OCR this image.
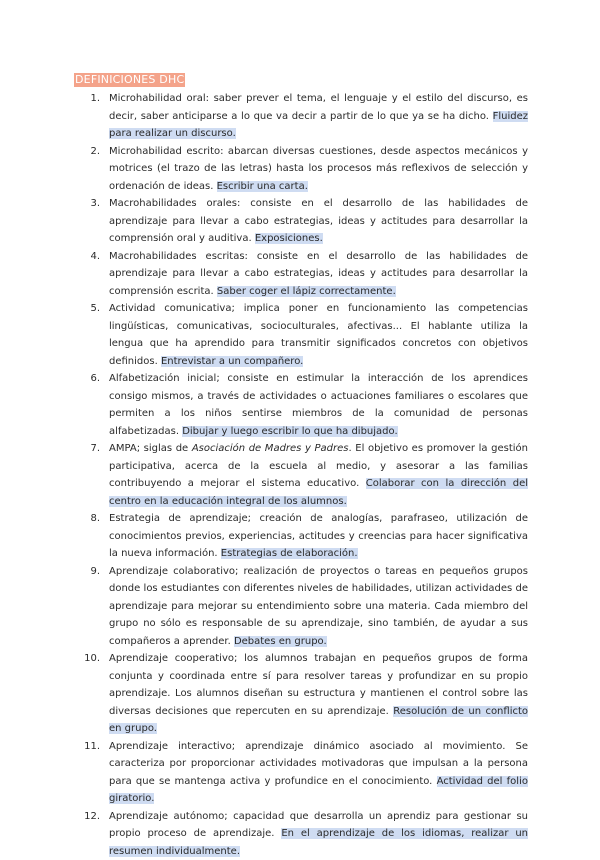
DEFINICIONES DHC
1. Microhabilidad oral: saber prever el tema, el lenguaje y el estilo del discurso, es decir, saber anticiparse a lo que va decir a partir de lo que ya se ha dicho. Fluidez para realizar un discurso.
2. Microhabilidad escrito: abarcan diversas cuestiones, desde aspectos mecánicos y motrices (el trazo de las letras) hasta los procesos más reflexivos de selección y ordenación de ideas. Escribir una carta.
3. Macrohabilidades orales: consiste en el desarrollo de las habilidades de aprendizaje para llevar a cabo estrategias, ideas y actitudes para desarrollar la comprensión oral y auditiva. Exposiciones.
4. Macrohabilidades escritas: consiste en el desarrollo de las habilidades de aprendizaje para llevar a cabo estrategias, ideas y actitudes para desarrollar la comprensión escrita. Saber coger el lápiz correctamente.
5. Actividad comunicativa; implica poner en funcionamiento las competencias lingüísticas, comunicativas, socioculturales, afectivas... El hablante utiliza la lengua que ha aprendido para transmitir significados concretos con objetivos definidos. Entrevistar a un compañero.
6. Alfabetización inicial; consiste en estimular la interacción de los aprendices consigo mismos, a través de actividades o actuaciones familiares o escolares que permiten a los niños sentirse miembros de la comunidad de personas alfabetizadas. Dibujar y luego escribir lo que ha dibujado.
7. AMPA; siglas de Asociación de Madres y Padres. El objetivo es promover la gestión participativa, acerca de la escuela al medio, y asesorar a las familias contribuyendo a mejorar el sistema educativo. Colaborar con la dirección del centro en la educación integral de los alumnos.
8. Estrategia de aprendizaje; creación de analogías, parafraseo, utilización de conocimientos previos, experiencias, actitudes y creencias para hacer significativa la nueva información. Estrategias de elaboración.
9. Aprendizaje colaborativo; realización de proyectos o tareas en pequeños grupos donde los estudiantes con diferentes niveles de habilidades, utilizan actividades de aprendizaje para mejorar su entendimiento sobre una materia. Cada miembro del grupo no sólo es responsable de su aprendizaje, sino también, de ayudar a sus compañeros a aprender. Debates en grupo.
10. Aprendizaje cooperativo; los alumnos trabajan en pequeños grupos de forma conjunta y coordinada entre sí para resolver tareas y profundizar en su propio aprendizaje. Los alumnos diseñan su estructura y mantienen el control sobre las diversas decisiones que repercuten en su aprendizaje. Resolución de un conflicto en grupo.
11. Aprendizaje interactivo; aprendizaje dinámico asociado al movimiento. Se caracteriza por proporcionar actividades motivadoras que impulsan a la persona para que se mantenga activa y profundice en el conocimiento. Actividad del folio giratorio.
12. Aprendizaje autónomo; capacidad que desarrolla un aprendiz para gestionar su propio proceso de aprendizaje. En el aprendizaje de los idiomas, realizar un resumen individualmente.
